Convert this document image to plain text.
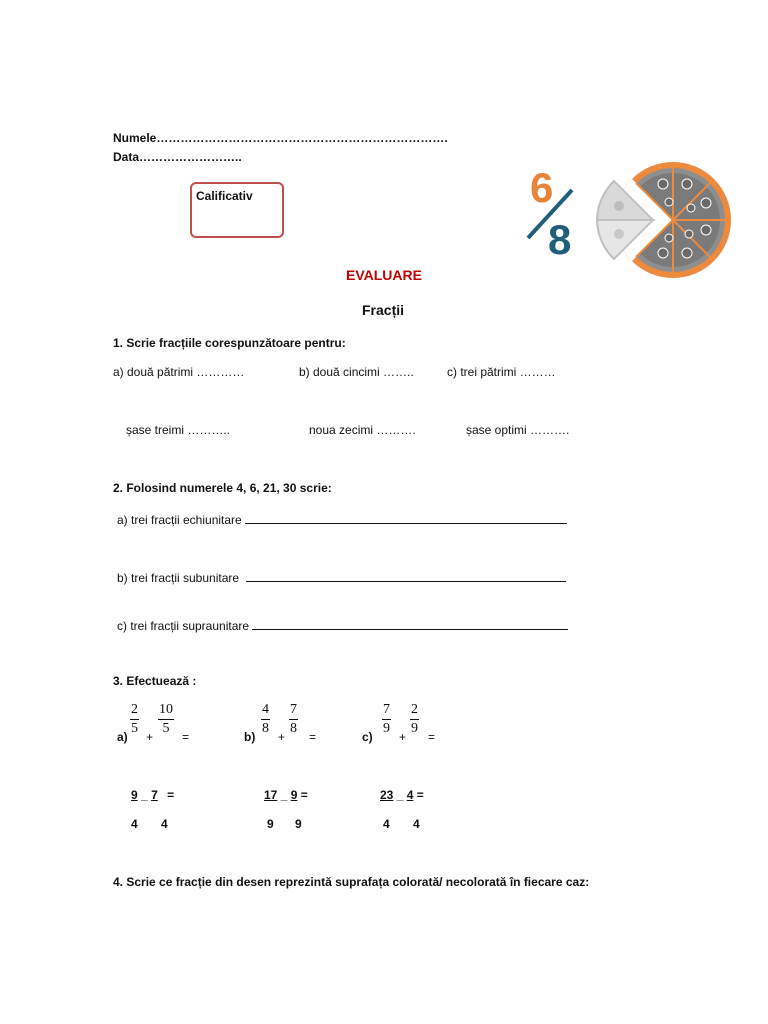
Numele……………………………………………………………….
Data……………………..
Calificativ	6
8
EVALUARE
Fracții
1. Scrie fracțiile corespunzătoare pentru:
a) două pătrimi …………	b) două cincimi ……..	c) trei pătrimi ………
șase treimi ………..	noua zecimi ……….	șase optimi ……….
2. Folosind numerele 4, 6, 21, 30 scrie:
a) trei fracții echiunitare
b) trei fracții subunitare
c) trei fracții supraunitare
3. Efectuează :
$a) \frac{2}{5} + \frac{10}{5}$ =	$b) \frac{4}{8} + \frac{7}{8}$ =	$c) \frac{7}{9} + \frac{2}{9}$ =
9 _ 7 =
4 4
17 _ 9 =
9 9
23 _ 4 =
4 4
4. Scrie ce fracție din desen reprezintă suprafața colorată/ necolorată în fiecare caz:
